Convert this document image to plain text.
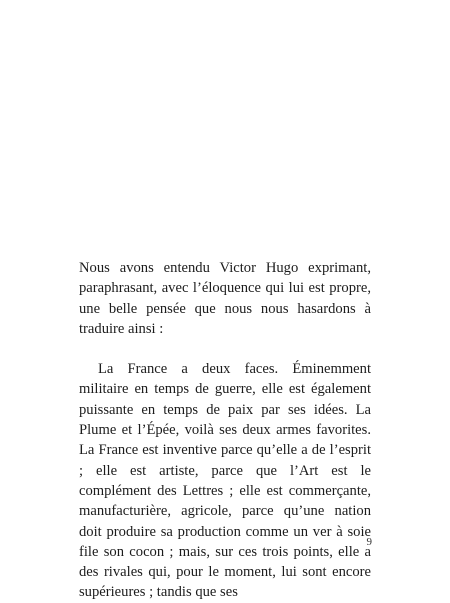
Nous avons entendu Victor Hugo exprimant, paraphrasant, avec l’éloquence qui lui est propre, une belle pensée que nous nous hasardons à traduire ainsi :

La France a deux faces. Éminemment militaire en temps de guerre, elle est également puissante en temps de paix par ses idées. La Plume et l’Épée, voilà ses deux armes favorites. La France est inventive parce qu’elle a de l’esprit ; elle est artiste, parce que l’Art est le complément des Lettres ; elle est commerçante, manufacturière, agricole, parce qu’une nation doit produire sa production comme un ver à soie file son cocon ; mais, sur ces trois points, elle a des rivales qui, pour le moment, lui sont encore supérieures ; tandis que ses

9
